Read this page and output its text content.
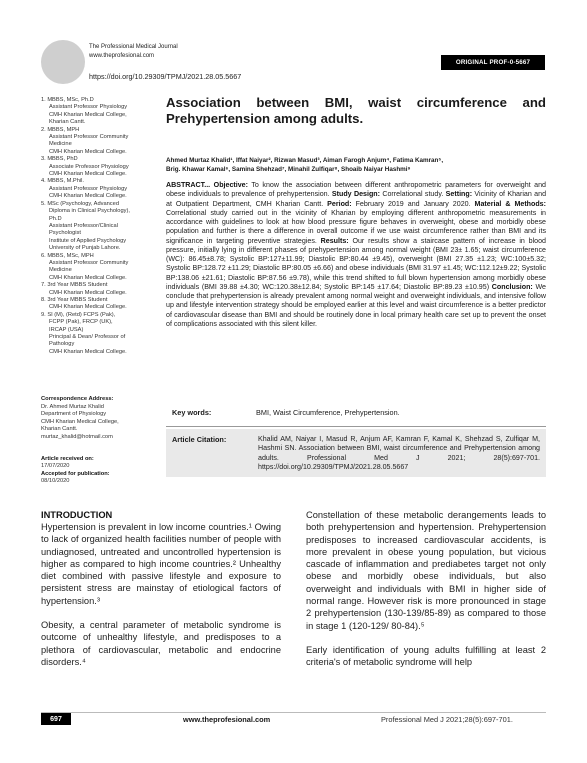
The Professional Medical Journal
www.theprofesional.com
ORIGINAL PROF-0-5667
https://doi.org/10.29309/TPMJ/2021.28.05.5667
1. MBBS, MSc, Ph.D
Assistant Professor Physiology
CMH Kharian Medical College,
Kharian Cantt.
2. MBBS, MPH
Assistant Professor Community
Medicine
CMH Kharian Medical College.
3. MBBS, PhD
Associate Professor Physiology
CMH Kharian Medical College.
4. MBBS, M.Phil.
Assistant Professor Physiology
CMH Kharian Medical College.
5. MSc (Psychology, Advanced
Diploma in Clinical Psychology),
Ph.D
Assistant Professor/Clinical
Psychologist
Institute of Applied Psychology
University of Punjab Lahore.
6. MBBS, MSc, MPH
Assistant Professor Community
Medicine
CMH Kharian Medical College.
7. 3rd Year MBBS Student
CMH Kharian Medical College.
8. 3rd Year MBBS Student
CMH Kharian Medical College.
9. SI (M), (Retd) FCPS (Pak),
FCPP (Pak), FRCP (UK),
IRCAP (USA)
Principal & Dean/ Professor of
Pathology
CMH Kharian Medical College.
Correspondence Address:
Dr. Ahmed Murtaz Khalid
Department of Physiology
CMH Kharian Medical College,
Kharian Cantt.
murtaz_khalid@hotmail.com
Article received on:
17/07/2020
Accepted for publication:
08/10/2020
Association between BMI, waist circumference and
Prehypertension among adults.
Ahmed Murtaz Khalid¹, Iffat Naiyar², Rizwan Masud³, Aiman Farogh Anjum⁴, Fatima Kamran⁵,
Brig. Khawar Kamal⁶, Samina Shehzad⁷, Minahil Zulfiqar⁸, Shoaib Naiyar Hashmi⁹
ABSTRACT... Objective: To know the association between different anthropometric parameters for overweight and obese individuals to prevalence of prehypertension. Study Design: Correlational study. Setting: Vicinity of Kharian and at Outpatient Department, CMH Kharian Cantt. Period: February 2019 and January 2020. Material & Methods: Correlational study carried out in the vicinity of Kharian by employing different anthropometric measurements in accordance with guidelines to look at how blood pressure figure behaves in overweight, obese and morbidly obese population and further is there a difference in overall outcome if we use waist circumference rather than BMI and its significance in targeting preventive strategies. Results: Our results show a staircase pattern of increase in blood pressure, initially lying in different phases of prehypertension among normal weight (BMI 23± 1.65; waist circumference (WC): 86.45±8.78; Systolic BP:127±11.99; Diastolic BP:80.44 ±9.45), overweight (BMI 27.35 ±1.23; WC:100±5.32; Systolic BP:128.72 ±11.29; Diastolic BP:80.05 ±6.66) and obese individuals (BMI 31.97 ±1.45; WC:112.12±9.22; Systolic BP:138.06 ±21.61; Diastolic BP:87.56 ±9.78), while this trend shifted to full blown hypertension among morbidly obese individuals (BMI 39.88 ±4.30; WC:120.38±12.84; Systolic BP:145 ±17.64; Diastolic BP:89.23 ±10.95) Conclusion: We conclude that prehypertension is already prevalent among normal weight and overweight individuals, and intensive follow up and lifestyle intervention strategy should be employed earlier at this level and waist circumference is a better predictor of cardiovascular disease than BMI and should be routinely done in local primary health care set up to prevent the onset of complications associated with this silent killer.
Key words:	BMI, Waist Circumference, Prehypertension.
Article Citation:	Khalid AM, Naiyar I, Masud R, Anjum AF, Kamran F, Kamal K, Shehzad S, Zulfiqar M, Hashmi SN. Association between BMI, waist circumference and Prehypertension among adults. Professional Med J 2021; 28(5):697-701. https://doi.org/10.29309/TPMJ/2021.28.05.5667
INTRODUCTION

Hypertension is prevalent in low income countries.¹ Owing to lack of organized health facilities number of people with undiagnosed, untreated and uncontrolled hypertension is higher as compared to high income countries.² Unhealthy diet combined with passive lifestyle and exposure to persistent stress are mainstay of etiological factors of hypertension.³

Obesity, a central parameter of metabolic syndrome is outcome of unhealthy lifestyle, and predisposes to a plethora of cardiovascular, metabolic and endocrine disorders.⁴

Constellation of these metabolic derangements leads to both prehypertension and hypertension. Prehypertension predisposes to increased cardiovascular accidents, is more prevalent in obese young population, but vicious cascade of inflammation and prediabetes target not only obese and morbidly obese individuals, but also overweight and individuals with BMI in higher side of normal range. However risk is more pronounced in stage 2 prehypertension (130-139/85-89) as compared to those in stage 1 (120-129/ 80-84).⁵

Early identification of young adults fulfilling at least 2 criteria's of metabolic syndrome will help

697	www.theprofesional.com	Professional Med J 2021;28(5):697-701.
